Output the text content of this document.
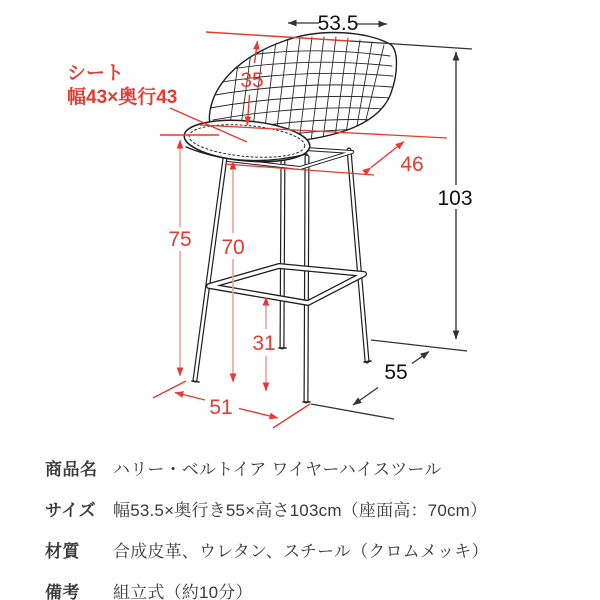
53.5
103
55
35
シート
幅43×奥行43
46
75 70
31
51
商品名 ハリー・ベルトイア ワイヤーハイスツール
サイズ 幅53.5×奥行き55×高さ103cm（座面高：70cm）
材質	合成皮革、ウレタン、スチール（クロムメッキ）
備考	組立式（約10分）
